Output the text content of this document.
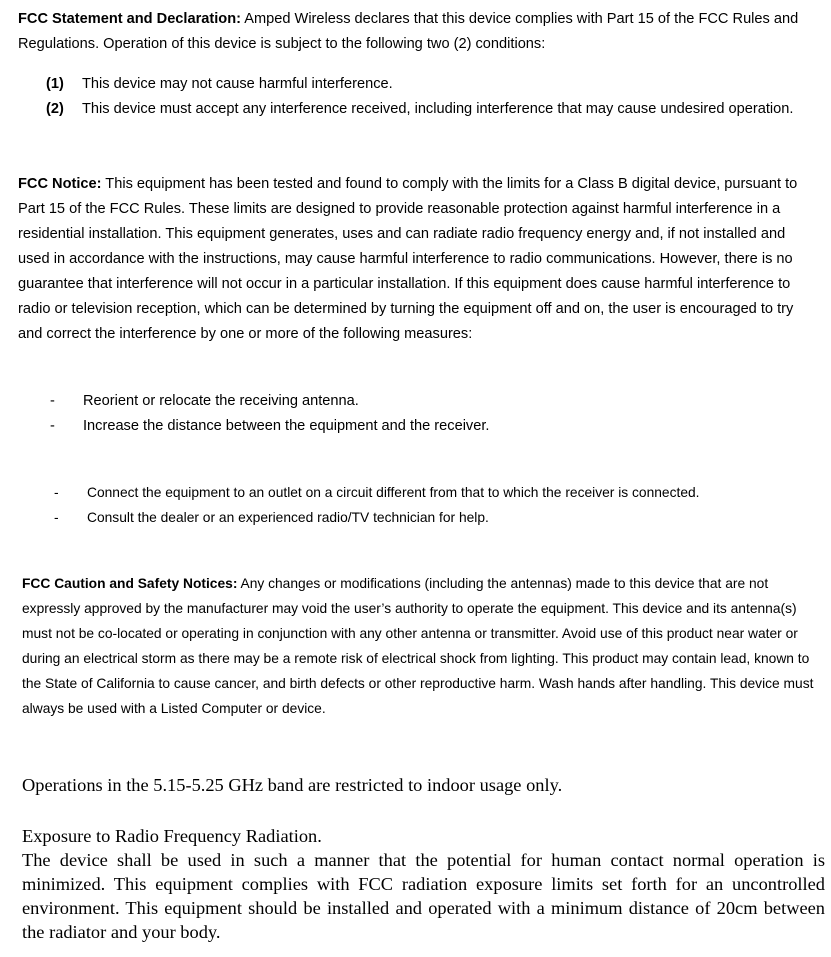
FCC Statement and Declaration: Amped Wireless declares that this device complies with Part 15 of the FCC Rules and Regulations. Operation of this device is subject to the following two (2) conditions:

(1)	This device may not cause harmful interference.
(2)	This device must accept any interference received, including interference that may cause undesired operation.

FCC Notice: This equipment has been tested and found to comply with the limits for a Class B digital device, pursuant to Part 15 of the FCC Rules. These limits are designed to provide reasonable protection against harmful interference in a residential installation. This equipment generates, uses and can radiate radio frequency energy and, if not installed and used in accordance with the instructions, may cause harmful interference to radio communications. However, there is no guarantee that interference will not occur in a particular installation. If this equipment does cause harmful interference to radio or television reception, which can be determined by turning the equipment off and on, the user is encouraged to try and correct the interference by one or more of the following measures:

-	Reorient or relocate the receiving antenna.
-	Increase the distance between the equipment and the receiver.
-	Connect the equipment to an outlet on a circuit different from that to which the receiver is connected.
-	Consult the dealer or an experienced radio/TV technician for help.

FCC Caution and Safety Notices: Any changes or modifications (including the antennas) made to this device that are not expressly approved by the manufacturer may void the user’s authority to operate the equipment. This device and its antenna(s) must not be co-located or operating in conjunction with any other antenna or transmitter. Avoid use of this product near water or during an electrical storm as there may be a remote risk of electrical shock from lighting. This product may contain lead, known to the State of California to cause cancer, and birth defects or other reproductive harm. Wash hands after handling. This device must always be used with a Listed Computer or device.

Operations in the 5.15-5.25 GHz band are restricted to indoor usage only.

Exposure to Radio Frequency Radiation.
The device shall be used in such a manner that the potential for human contact normal operation is minimized. This equipment complies with FCC radiation exposure limits set forth for an uncontrolled environment. This equipment should be installed and operated with a minimum distance of 20cm between the radiator and your body.
